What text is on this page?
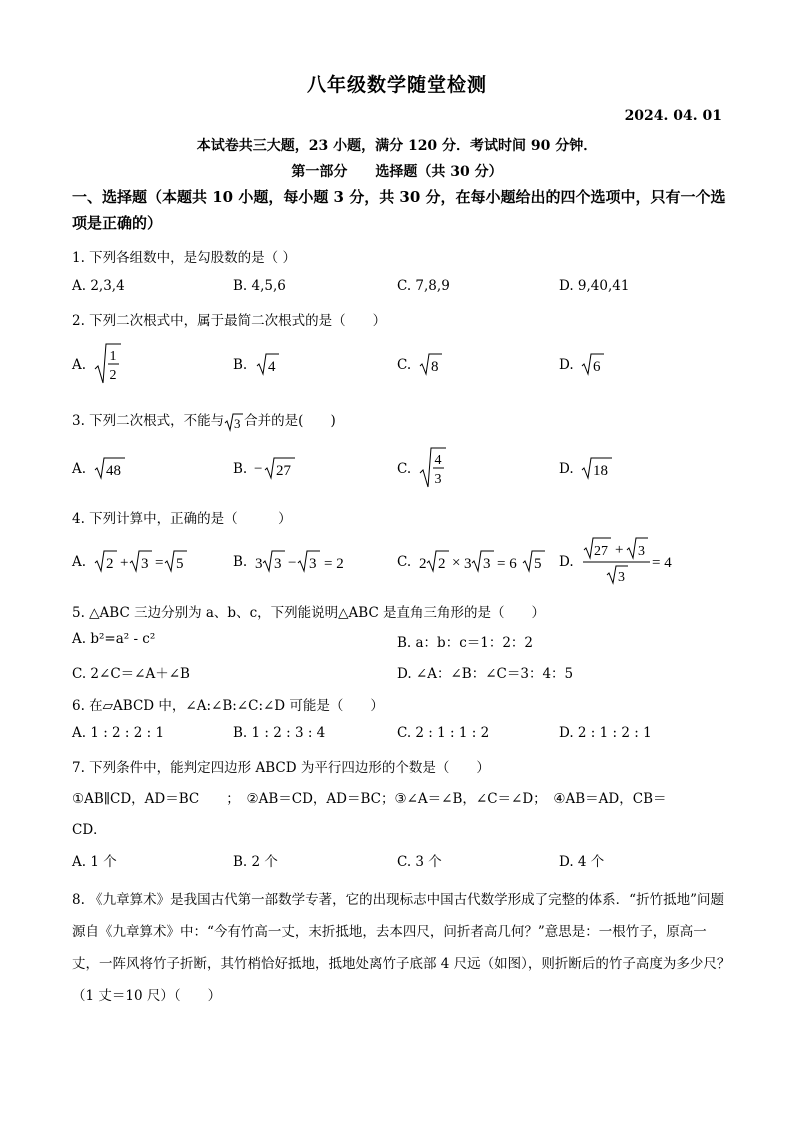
八年级数学随堂检测
2024. 04. 01
本试卷共三大题，23 小题，满分 120 分．考试时间 90 分钟．
第一部分　　选择题（共 30 分）
一、选择题（本题共 10 小题，每小题 3 分，共 30 分，在每小题给出的四个选项中，只有一个选项是正确的）
1. 下列各组数中，是勾股数的是（ ）
A. 2,3,4	B. 4,5,6	C. 7,8,9	D. 9,40,41
2. 下列二次根式中，属于最简二次根式的是（　　）
A.
1
2
B. 4	C. 8	D. 6
3. 下列二次根式，不能与 3 合并的是(　　)
A. 48	B. − 27	C.
4
3
D. 18
4. 下列计算中，正确的是（　　　）
A. 2 + 3 = 5	B. 3 3 − 3 = 2	C. 2 2 × 3 3 = 6 5 D.
27 + 3
3
= 4
5. △ABC 三边分别为 a、b、c，下列能说明△ABC 是直角三角形的是（　　）
A. b²=a² - c²	B. a：b：c＝1：2：2
C. 2∠C＝∠A＋∠B	D. ∠A：∠B：∠C＝3：4：5
6. 在▱ABCD 中，∠A:∠B:∠C:∠D 可能是（　　）
A. 1 : 2 : 2 : 1	B. 1 : 2 : 3 : 4	C. 2 : 1 : 1 : 2	D. 2 : 1 : 2 : 1
7. 下列条件中，能判定四边形 ABCD 为平行四边形的个数是（　　）
①AB∥CD，AD＝BC　　；　②AB＝CD，AD＝BC；③∠A＝∠B，∠C＝∠D；　④AB＝AD，CB＝
CD．
A. 1 个	B. 2 个	C. 3 个	D. 4 个
8. 《九章算术》是我国古代第一部数学专著，它的出现标志中国古代数学形成了完整的体系．“折竹抵地”问题源自《九章算术》中：“今有竹高一丈，末折抵地，去本四尺，问折者高几何？”意思是：一根竹子，原高一丈，一阵风将竹子折断，其竹梢恰好抵地，抵地处离竹子底部 4 尺远（如图），则折断后的竹子高度为多少尺？（1 丈＝10 尺）（　　）
